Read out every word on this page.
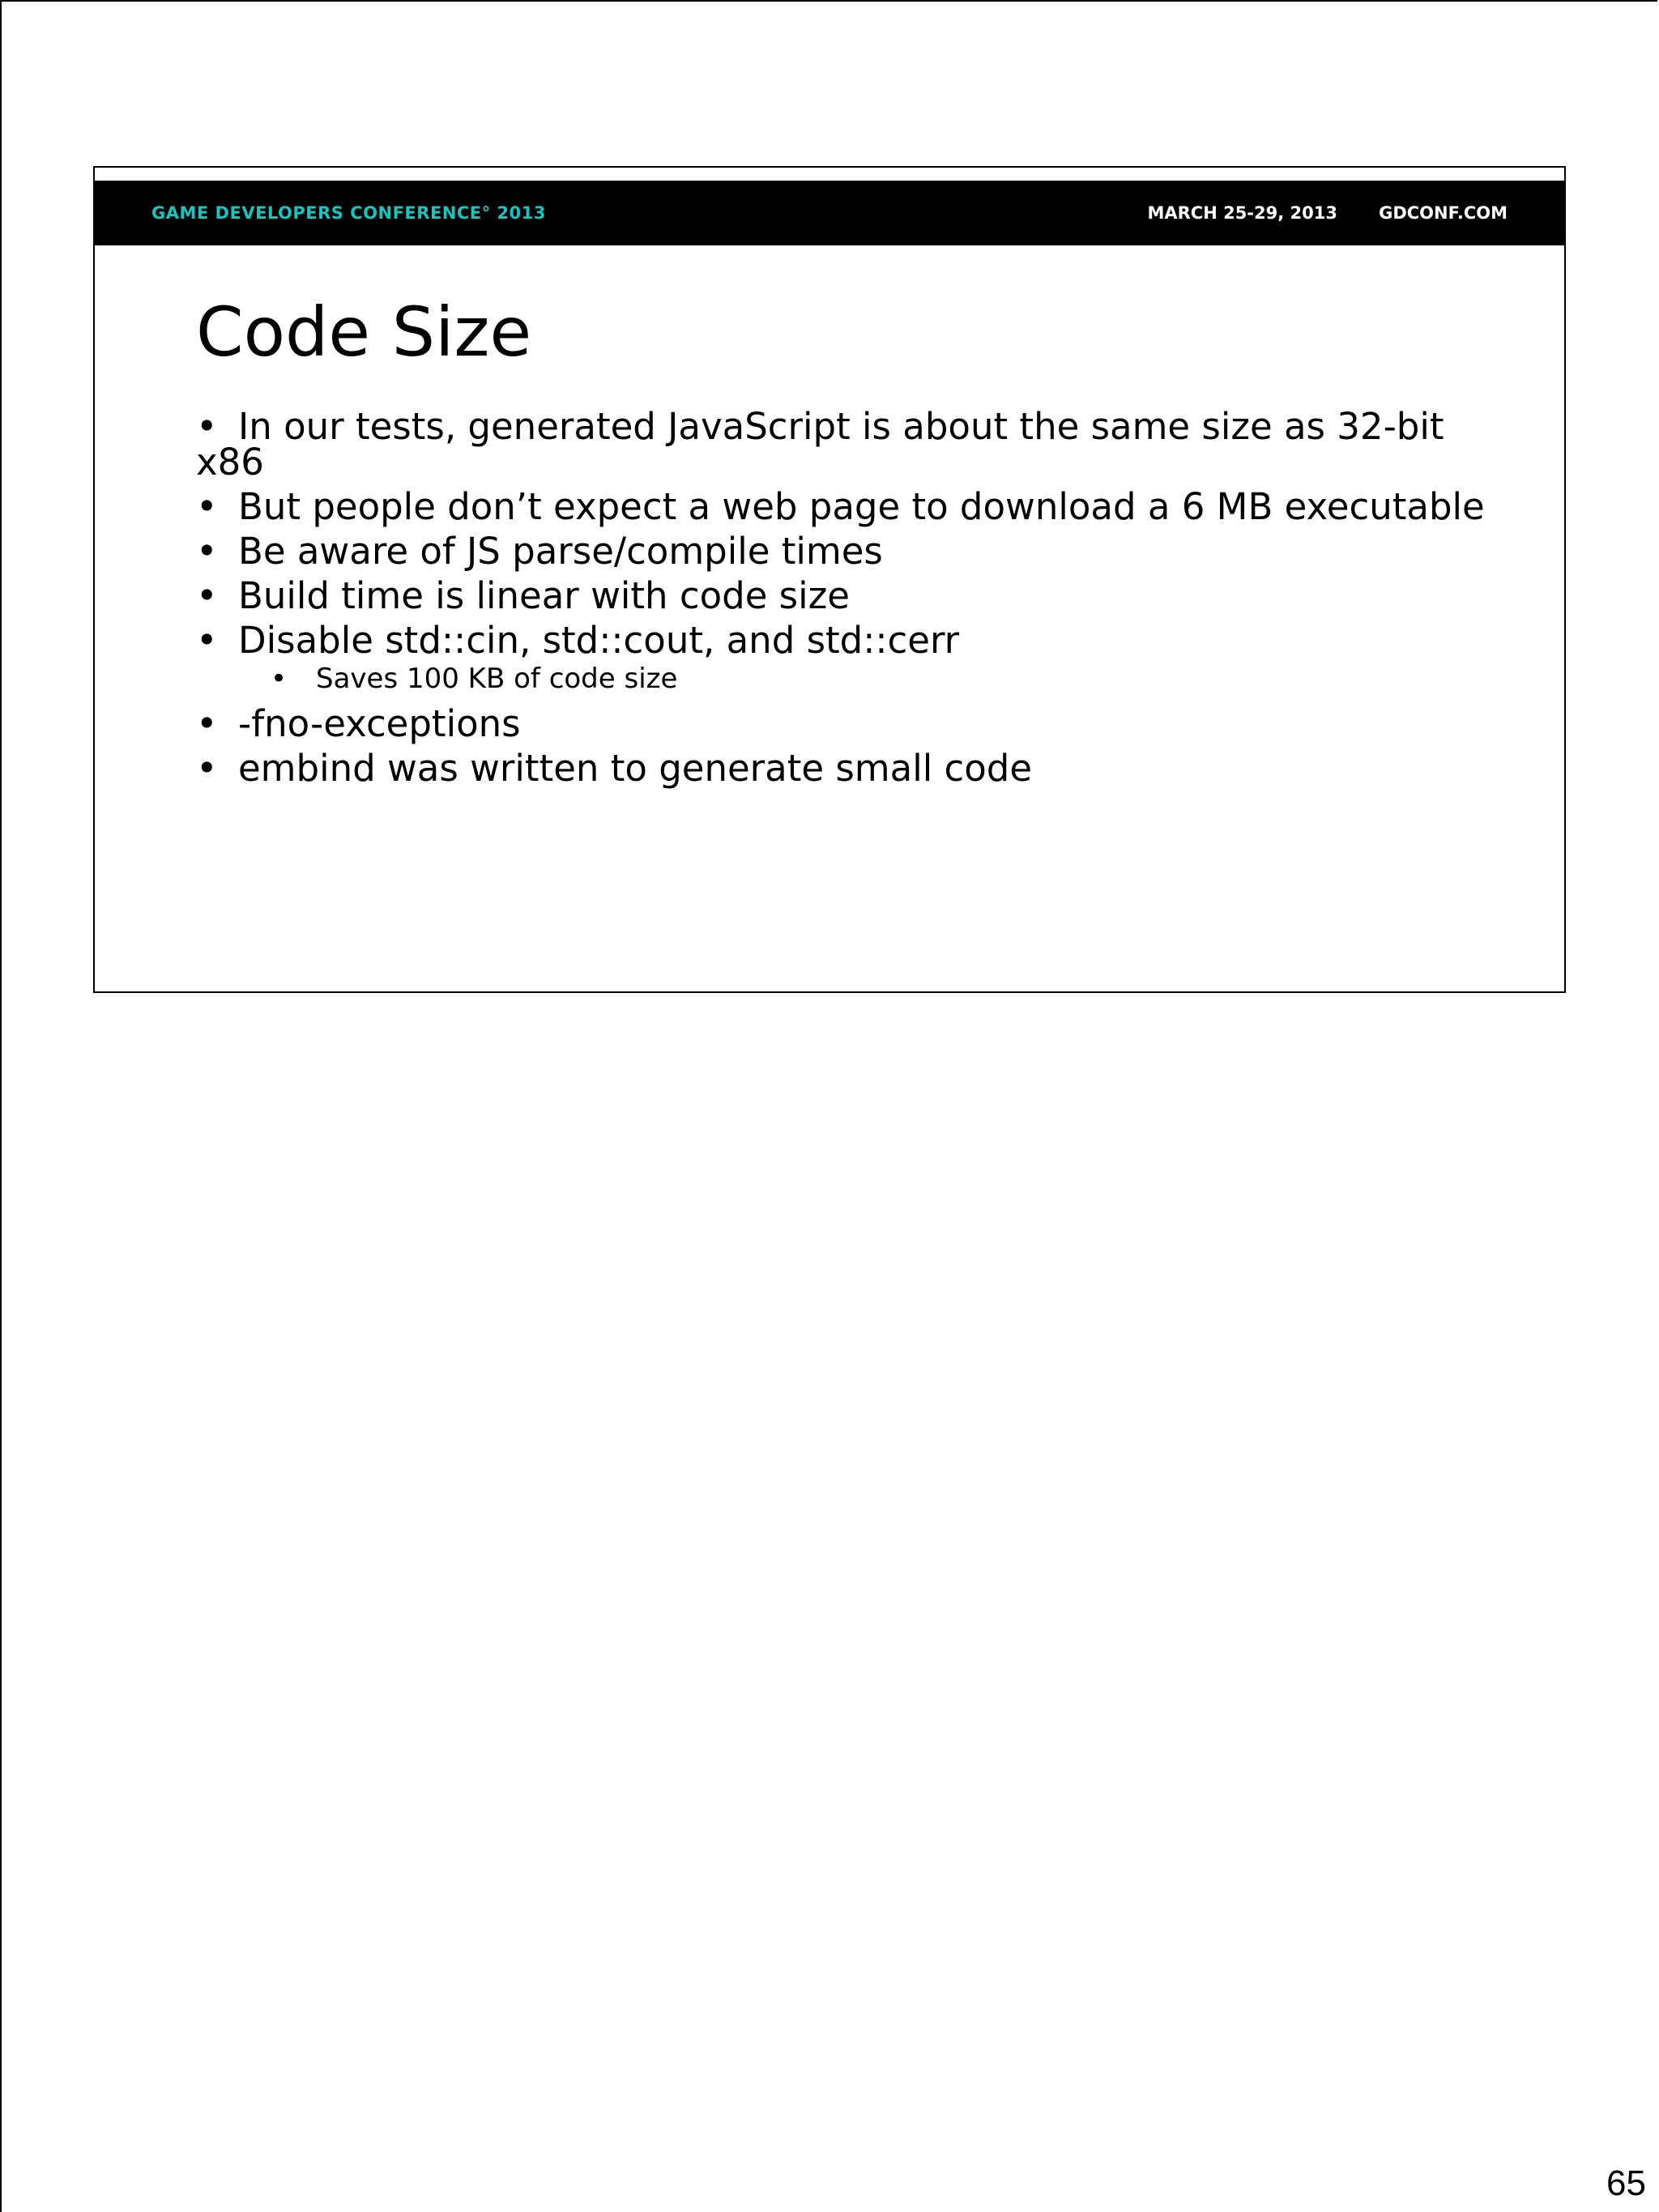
GAME DEVELOPERS CONFERENCE° 2013	MARCH 25-29, 2013 GDCONF.COM
Code Size
• In our tests, generated JavaScript is about the same size as 32-bit x86
• But people don’t expect a web page to download a 6 MB executable
• Be aware of JS parse/compile times
• Build time is linear with code size
• Disable std::cin, std::cout, and std::cerr
• Saves 100 KB of code size
• -fno-exceptions
• embind was written to generate small code
65
